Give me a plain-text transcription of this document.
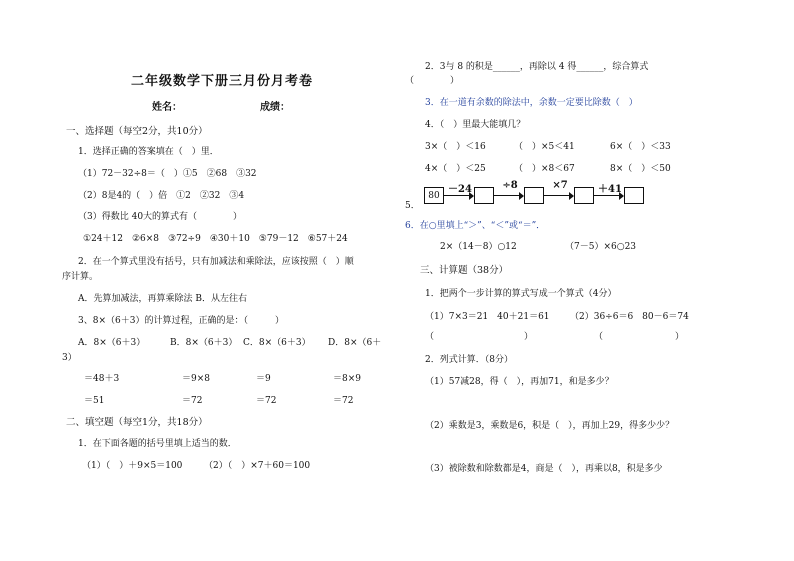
二年级数学下册三月份月考卷
姓名：	成绩：
一、选择题（每空2分，共10分）
1．选择正确的答案填在（　）里．
（1）72－32÷8＝（　）①5　②68　③32
（2）8是4的（　）倍　①2　②32　③4
（3）得数比 40大的算式有（　　　　）
①24＋12　②6×8　③72÷9　④30＋10　⑤79－12　⑥57＋24
2．在一个算式里没有括号，只有加减法和乘除法，应该按照（　）顺
序计算。
A．先算加减法，再算乘除法 B．从左往右
3、8×（6＋3）的计算过程，正确的是：（　　　）
A．8×（6＋3）	B．8×（6＋3） C．8×（6＋3） D．8×（6＋
3）
＝48＋3	＝9×8	＝9	＝8×9
＝51	＝72	＝72	＝72
二、填空题（每空1分，共18分）
1．在下面各题的括号里填上适当的数．
（1）（　）＋9×5＝100 （2）（　）×7＋60＝100
2．3与 8 的积是______，再除以 4 得______，综合算式
（　　　　）
3．在一道有余数的除法中，余数一定要比除数（　）
4．（　）里最大能填几？
3×（　）＜16	（　）×5＜41	6×（　）＜33
4×（　）＜25	（　）×8＜67	8×（　）＜50
5．
80
－24	÷8	×7	＋41
6．在○里填上“＞”、“＜”或“＝”．
2×（14－8）○12	（7－5）×6○23
三、计算题（38分）
1．把两个一步计算的算式写成一个算式（4分）
（1）7×3＝21　40＋21＝61 （2）36÷6＝6　80－6＝74
（　　　　　　　　　　）	（　　　　　　　　）
2．列式计算．（8分）
（1）57减28，得（　），再加71，和是多少？
（2）乘数是3，乘数是6，积是（　），再加上29，得多少少？
（3）被除数和除数都是4，商是（　），再乘以8，积是多少
